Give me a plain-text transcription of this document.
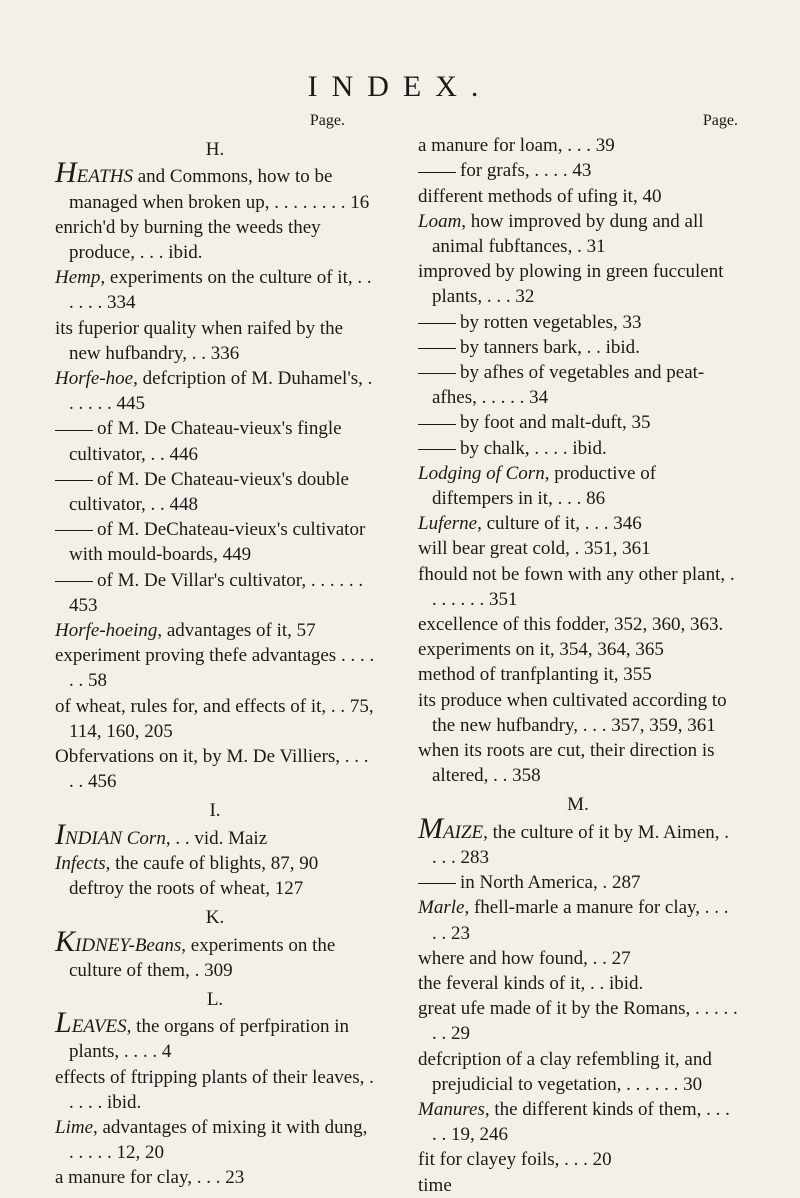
INDEX.
Page.
H.
HEATHS and Commons, how to be managed when broken up, . . . . . . . . 16
enrich'd by burning the weeds they produce, . . . ibid.
Hemp, experiments on the culture of it, . . . . . . 334
its fuperior quality when raifed by the new hufbandry, . . 336
Horfe-hoe, defcription of M. Duhamel's, . . . . . . 445
of M. De Chateau-vieux's fingle cultivator, . . 446
of M. De Chateau-vieux's double cultivator, . . 448
of M. DeChateau-vieux's cultivator with mould-boards, 449
of M. De Villar's cultivator, . . . . . . 453
Horfe-hoeing, advantages of it, 57
experiment proving thefe advantages . . . . . . 58
of wheat, rules for, and effects of it, . . 75, 114, 160, 205
Obfervations on it, by M. De Villiers, . . . . . 456
I.
INDIAN Corn, . . vid. Maiz
Infects, the caufe of blights, 87, 90 deftroy the roots of wheat, 127
K.
KIDNEY-Beans, experiments on the culture of them, . 309
L.
LEAVES, the organs of perfpiration in plants, . . . . 4
effects of ftripping plants of their leaves, . . . . . ibid.
Lime, advantages of mixing it with dung, . . . . . 12, 20
a manure for clay, . . . 23
Page.
a manure for loam, . . . 39
for grafs, . . . . 43
different methods of ufing it, 40
Loam, how improved by dung and all animal fubftances, . 31
improved by plowing in green fucculent plants, . . . 32
by rotten vegetables, 33
by tanners bark, . . ibid.
by afhes of vegetables and peat-afhes, . . . . . 34
by foot and malt-duft, 35
by chalk, . . . . ibid.
Lodging of Corn, productive of diftempers in it, . . . 86
Luferne, culture of it, . . . 346
will bear great cold, . 351, 361
fhould not be fown with any other plant, . . . . . . . 351
excellence of this fodder, 352, 360, 363.
experiments on it, 354, 364, 365
method of tranfplanting it, 355
its produce when cultivated according to the new hufbandry, . . . 357, 359, 361
when its roots are cut, their direction is altered, . . 358
M.
MAIZE, the culture of it by M. Aimen, . . . . 283
in North America, . 287
Marle, fhell-marle a manure for clay, . . . . . 23
where and how found, . . 27
the feveral kinds of it, . . ibid.
great ufe made of it by the Romans, . . . . . . . 29
defcription of a clay refembling it, and prejudicial to vegetation, . . . . . . 30
Manures, the different kinds of them, . . . . . 19, 246
fit for clayey foils, . . . 20
time
